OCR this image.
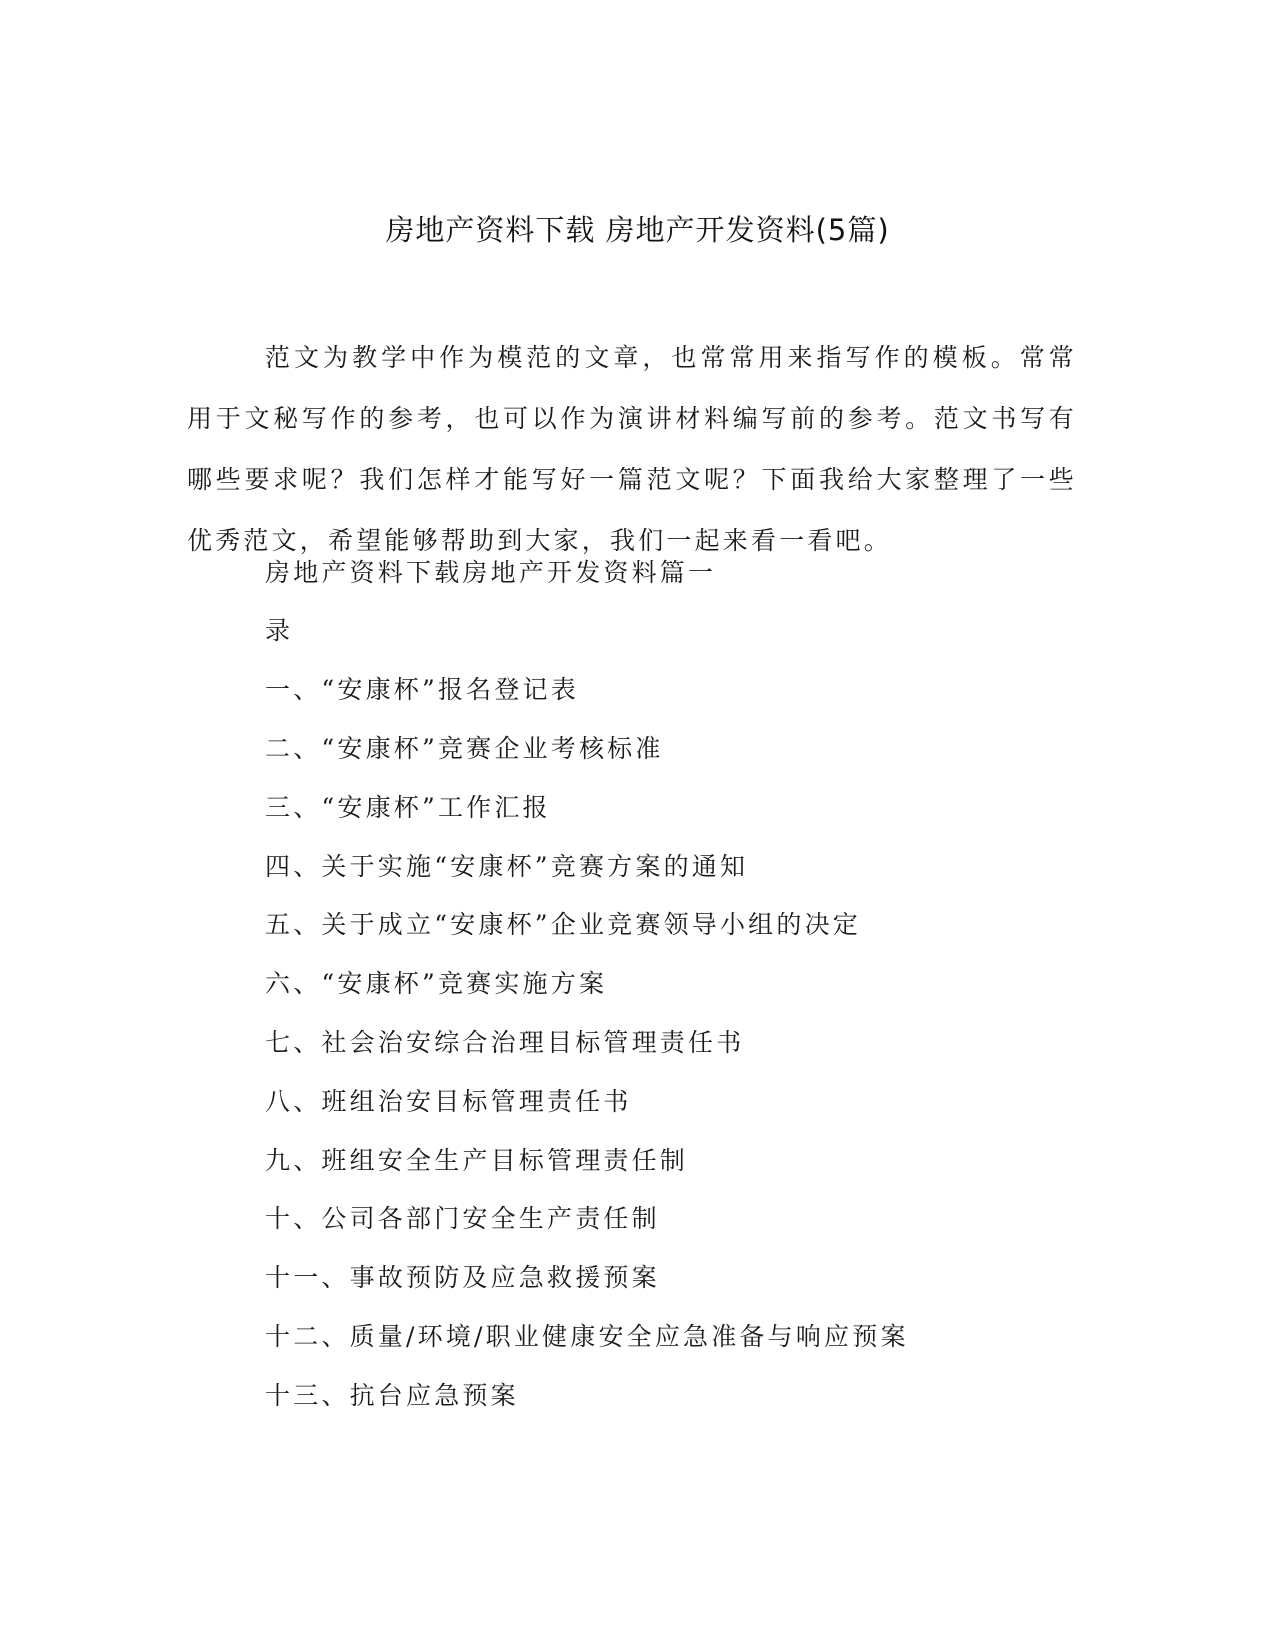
房地产资料下载 房地产开发资料(5篇)

范文为教学中作为模范的文章，也常常用来指写作的模板。常常用于文秘写作的参考，也可以作为演讲材料编写前的参考。范文书写有哪些要求呢？我们怎样才能写好一篇范文呢？下面我给大家整理了一些优秀范文，希望能够帮助到大家，我们一起来看一看吧。

房地产资料下载房地产开发资料篇一

录

一、“安康杯”报名登记表

二、“安康杯”竞赛企业考核标准

三、“安康杯”工作汇报

四、关于实施“安康杯”竞赛方案的通知

五、关于成立“安康杯”企业竞赛领导小组的决定

六、“安康杯”竞赛实施方案

七、社会治安综合治理目标管理责任书

八、班组治安目标管理责任书

九、班组安全生产目标管理责任制

十、公司各部门安全生产责任制

十一、事故预防及应急救援预案

十二、质量/环境/职业健康安全应急准备与响应预案

十三、抗台应急预案
